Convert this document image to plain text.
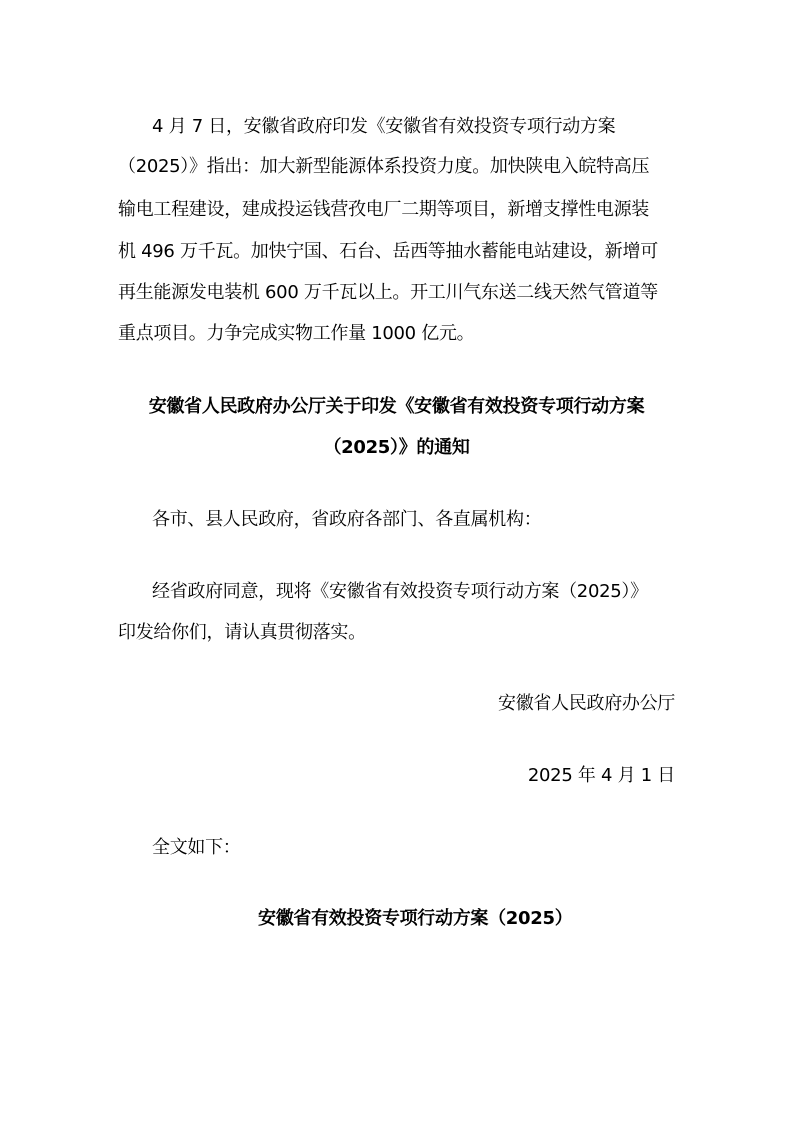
4 月 7 日，安徽省政府印发《安徽省有效投资专项行动方案
（2025）》指出：加大新型能源体系投资力度。加快陕电入皖特高压
输电工程建设，建成投运钱营孜电厂二期等项目，新增支撑性电源装
机 496 万千瓦。加快宁国、石台、岳西等抽水蓄能电站建设，新增可
再生能源发电装机 600 万千瓦以上。开工川气东送二线天然气管道等
重点项目。力争完成实物工作量 1000 亿元。
安徽省人民政府办公厅关于印发《安徽省有效投资专项行动方案
（2025）》的通知
各市、县人民政府，省政府各部门、各直属机构：
经省政府同意，现将《安徽省有效投资专项行动方案（2025）》
印发给你们，请认真贯彻落实。
安徽省人民政府办公厅
2025 年 4 月 1 日
全文如下：
安徽省有效投资专项行动方案（2025）
